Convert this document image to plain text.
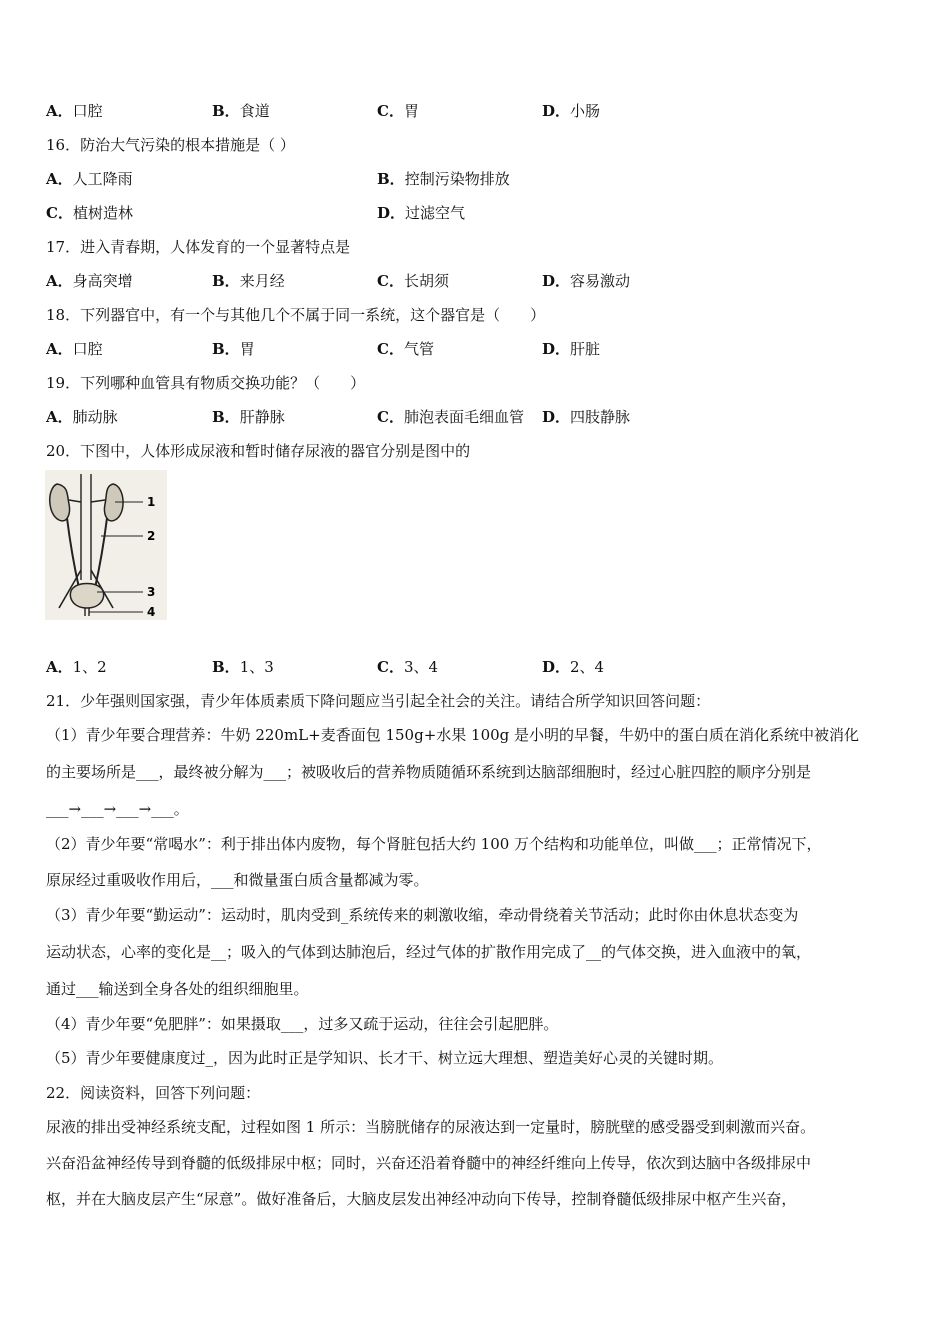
A．口腔	B．食道	C．胃	D．小肠
16．防治大气污染的根本措施是（ ）
A．人工降雨	B．控制污染物排放
C．植树造林	D．过滤空气
17．进入青春期，人体发育的一个显著特点是
A．身高突增	B．来月经	C．长胡须	D．容易激动
18．下列器官中，有一个与其他几个不属于同一系统，这个器官是（　　）
A．口腔	B．胃	C．气管	D．肝脏
19．下列哪种血管具有物质交换功能？（　　）
A．肺动脉	B．肝静脉	C．肺泡表面毛细血管 D．四肢静脉
20．下图中，人体形成尿液和暂时储存尿液的器官分别是图中的
1
2
3
4
A．1、2	B．1、3	C．3、4	D．2、4
21．少年强则国家强，青少年体质素质下降问题应当引起全社会的关注。请结合所学知识回答问题：
（1）青少年要合理营养：牛奶 220mL+麦香面包 150g+水果 100g 是小明的早餐，牛奶中的蛋白质在消化系统中被消化
的主要场所是___，最终被分解为___；被吸收后的营养物质随循环系统到达脑部细胞时，经过心脏四腔的顺序分别是
___→___→___→___。
（2）青少年要“常喝水”：利于排出体内废物，每个肾脏包括大约 100 万个结构和功能单位，叫做___；正常情况下，
原尿经过重吸收作用后，___和微量蛋白质含量都减为零。
（3）青少年要“勤运动”：运动时，肌肉受到_系统传来的刺激收缩，牵动骨绕着关节活动；此时你由休息状态变为
运动状态，心率的变化是__；吸入的气体到达肺泡后，经过气体的扩散作用完成了__的气体交换，进入血液中的氧，
通过___输送到全身各处的组织细胞里。
（4）青少年要“免肥胖”：如果摄取___，过多又疏于运动，往往会引起肥胖。
（5）青少年要健康度过_，因为此时正是学知识、长才干、树立远大理想、塑造美好心灵的关键时期。
22．阅读资料，回答下列问题：
尿液的排出受神经系统支配，过程如图 1 所示：当膀胱储存的尿液达到一定量时，膀胱壁的感受器受到刺激而兴奋。
兴奋沿盆神经传导到脊髓的低级排尿中枢；同时，兴奋还沿着脊髓中的神经纤维向上传导，依次到达脑中各级排尿中
枢，并在大脑皮层产生“尿意”。做好准备后，大脑皮层发出神经冲动向下传导，控制脊髓低级排尿中枢产生兴奋，
